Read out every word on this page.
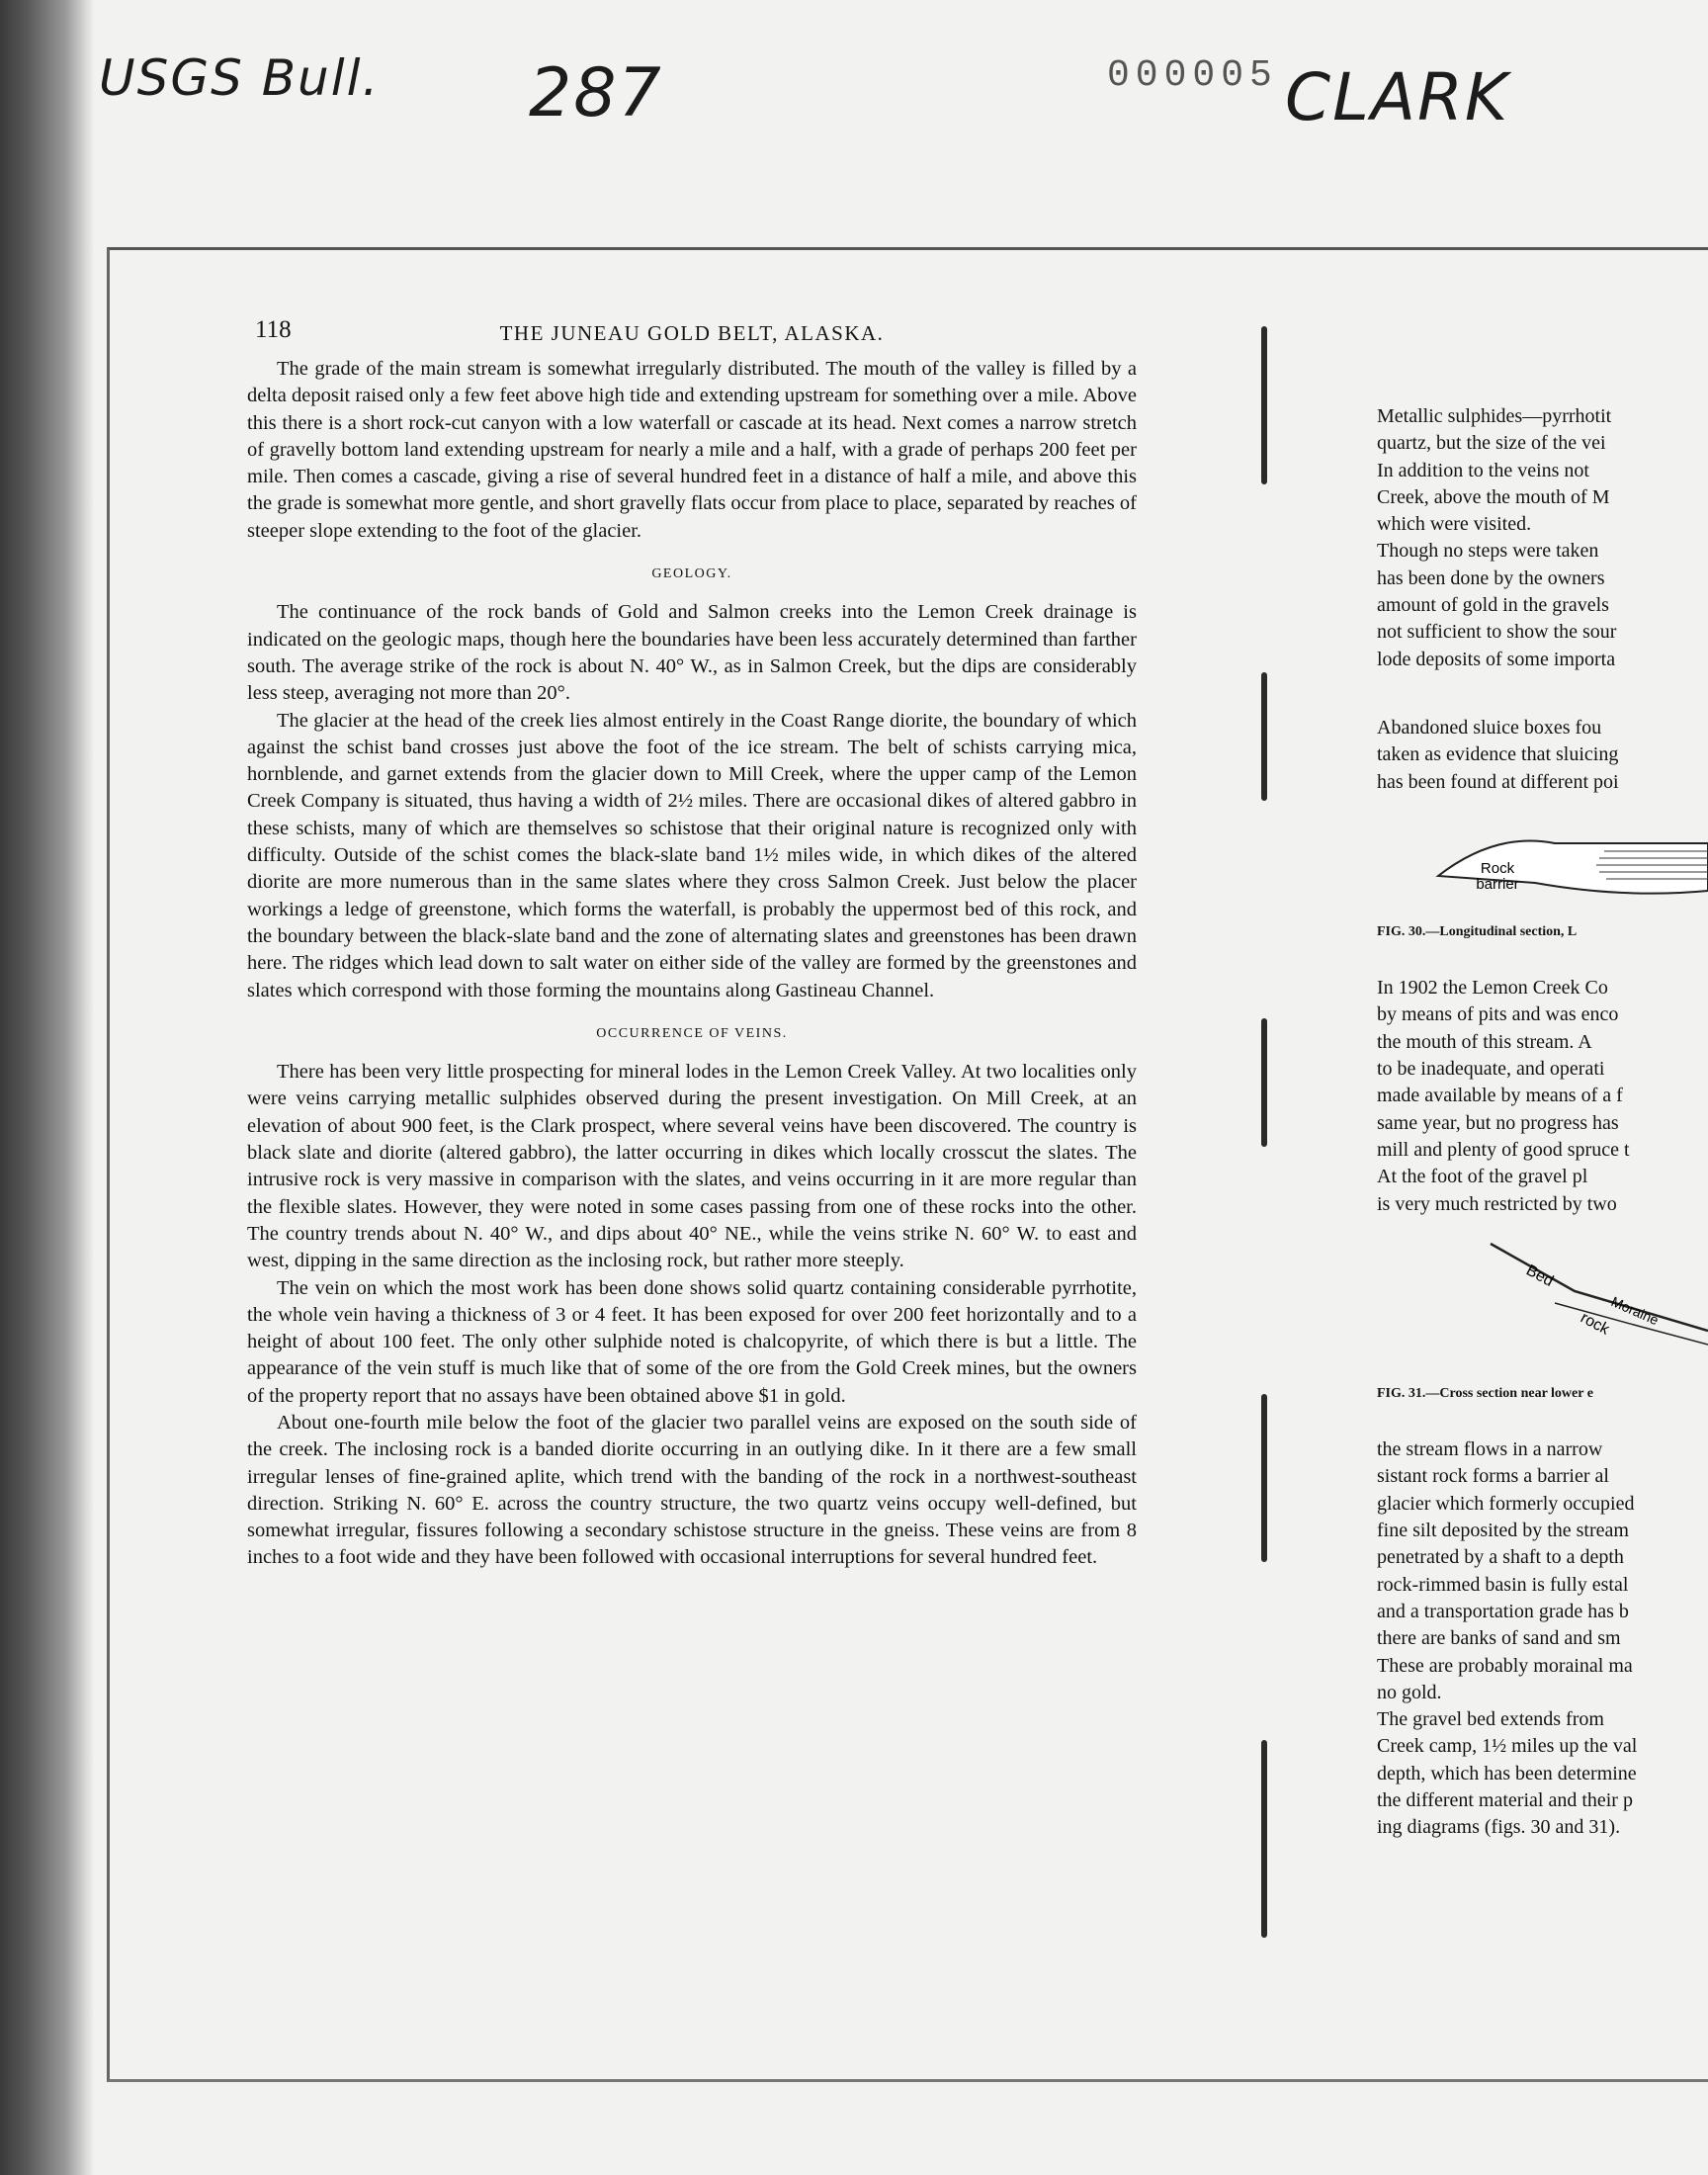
USGS Bull. 287	000005 CLARK
118	THE JUNEAU GOLD BELT, ALASKA.

The grade of the main stream is somewhat irregularly distributed. The mouth of the valley is filled by a delta deposit raised only a few feet above high tide and extending upstream for something over a mile. Above this there is a short rock-cut canyon with a low waterfall or cascade at its head. Next comes a narrow stretch of gravelly bottom land extending upstream for nearly a mile and a half, with a grade of perhaps 200 feet per mile. Then comes a cascade, giving a rise of several hundred feet in a distance of half a mile, and above this the grade is somewhat more gentle, and short gravelly flats occur from place to place, separated by reaches of steeper slope extending to the foot of the glacier.

GEOLOGY.

The continuance of the rock bands of Gold and Salmon creeks into the Lemon Creek drainage is indicated on the geologic maps, though here the boundaries have been less accurately determined than farther south. The average strike of the rock is about N. 40° W., as in Salmon Creek, but the dips are considerably less steep, averaging not more than 20°.

The glacier at the head of the creek lies almost entirely in the Coast Range diorite, the boundary of which against the schist band crosses just above the foot of the ice stream. The belt of schists carrying mica, hornblende, and garnet extends from the glacier down to Mill Creek, where the upper camp of the Lemon Creek Company is situated, thus having a width of 2½ miles. There are occasional dikes of altered gabbro in these schists, many of which are themselves so schistose that their original nature is recognized only with difficulty. Outside of the schist comes the black-slate band 1½ miles wide, in which dikes of the altered diorite are more numerous than in the same slates where they cross Salmon Creek. Just below the placer workings a ledge of greenstone, which forms the waterfall, is probably the uppermost bed of this rock, and the boundary between the black-slate band and the zone of alternating slates and greenstones has been drawn here. The ridges which lead down to salt water on either side of the valley are formed by the greenstones and slates which correspond with those forming the mountains along Gastineau Channel.

OCCURRENCE OF VEINS.

There has been very little prospecting for mineral lodes in the Lemon Creek Valley. At two localities only were veins carrying metallic sulphides observed during the present investigation. On Mill Creek, at an elevation of about 900 feet, is the Clark prospect, where several veins have been discovered. The country is black slate and diorite (altered gabbro), the latter occurring in dikes which locally crosscut the slates. The intrusive rock is very massive in comparison with the slates, and veins occurring in it are more regular than the flexible slates. However, they were noted in some cases passing from one of these rocks into the other. The country trends about N. 40° W., and dips about 40° NE., while the veins strike N. 60° W. to east and west, dipping in the same direction as the inclosing rock, but rather more steeply.

The vein on which the most work has been done shows solid quartz containing considerable pyrrhotite, the whole vein having a thickness of 3 or 4 feet. It has been exposed for over 200 feet horizontally and to a height of about 100 feet. The only other sulphide noted is chalcopyrite, of which there is but a little. The appearance of the vein stuff is much like that of some of the ore from the Gold Creek mines, but the owners of the property report that no assays have been obtained above $1 in gold.

About one-fourth mile below the foot of the glacier two parallel veins are exposed on the south side of the creek. The inclosing rock is a banded diorite occurring in an outlying dike. In it there are a few small irregular lenses of fine-grained aplite, which trend with the banding of the rock in a northwest-southeast direction. Striking N. 60° E. across the country structure, the two quartz veins occupy well-defined, but somewhat irregular, fissures following a secondary schistose structure in the gneiss. These veins are from 8 inches to a foot wide and they have been followed with occasional interruptions for several hundred feet.

Metallic sulphides—pyrrhotit
quartz, but the size of the vei
In addition to the veins not
Creek, above the mouth of M
which were visited.
Though no steps were taken
has been done by the owners
amount of gold in the gravels
not sufficient to show the sour
lode deposits of some importa
Abandoned sluice boxes fou
taken as evidence that sluicing
has been found at different poi
Rock
barrier
FIG. 30.—Longitudinal section, L
In 1902 the Lemon Creek Co
by means of pits and was enco
the mouth of this stream. A
to be inadequate, and operati
made available by means of a f
same year, but no progress has
mill and plenty of good spruce t
At the foot of the gravel pl
is very much restricted by two
Bed
rock
Moraine
FIG. 31.—Cross section near lower e
the stream flows in a narrow
sistant rock forms a barrier al
glacier which formerly occupied
fine silt deposited by the stream
penetrated by a shaft to a depth
rock-rimmed basin is fully estal
and a transportation grade has b
there are banks of sand and sm
These are probably morainal ma
no gold.
The gravel bed extends from
Creek camp, 1½ miles up the val
depth, which has been determine
the different material and their p
ing diagrams (figs. 30 and 31).
